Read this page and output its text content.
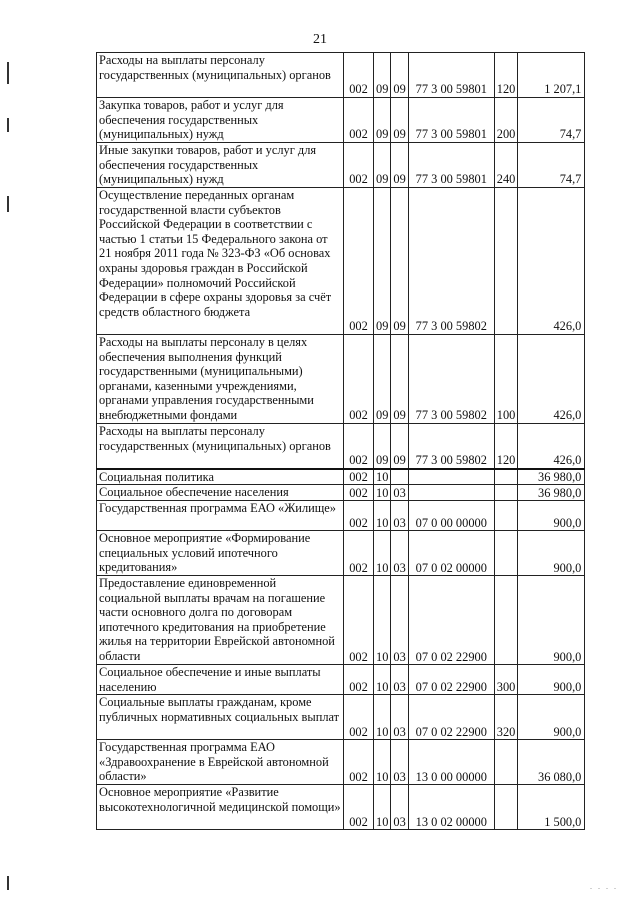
21
. . . .
Расходы на выплаты персоналу государственных (муниципальных) органов	002	09	09	77 3 00 59801	120	1 207,1
Закупка товаров, работ и услуг для обеспечения государственных (муниципальных) нужд	002	09	09	77 3 00 59801	200	74,7
Иные закупки товаров, работ и услуг для обеспечения государственных (муниципальных) нужд	002	09	09	77 3 00 59801	240	74,7
Осуществление переданных органам государственной власти субъектов Российской Федерации в соответствии с частью 1 статьи 15 Федерального закона от 21 ноября 2011 года № 323-ФЗ «Об основах охраны здоровья граждан в Российской Федерации» полномочий Российской Федерации в сфере охраны здоровья за счёт средств областного бюджета	002	09	09	77 3 00 59802		426,0
Расходы на выплаты персоналу в целях обеспечения выполнения функций государственными (муниципальными) органами, казенными учреждениями, органами управления государственными внебюджетными фондами	002	09	09	77 3 00 59802	100	426,0
Расходы на выплаты персоналу государственных (муниципальных) органов	002	09	09	77 3 00 59802	120	426,0
Социальная политика	002	10				36 980,0
Социальное обеспечение населения	002	10	03			36 980,0
Государственная программа ЕАО «Жилище»	002	10	03	07 0 00 00000		900,0
Основное мероприятие «Формирование специальных условий ипотечного кредитования»	002	10	03	07 0 02 00000		900,0
Предоставление единовременной социальной выплаты врачам на погашение части основного долга по договорам ипотечного кредитования на приобретение жилья на территории Еврейской автономной области	002	10	03	07 0 02 22900		900,0
Социальное обеспечение и иные выплаты населению	002	10	03	07 0 02 22900	300	900,0
Социальные выплаты гражданам, кроме публичных нормативных социальных выплат	002	10	03	07 0 02 22900	320	900,0
Государственная программа ЕАО «Здравоохранение в Еврейской автономной области»	002	10	03	13 0 00 00000		36 080,0
Основное мероприятие «Развитие высокотехнологичной медицинской помощи»	002	10	03	13 0 02 00000		1 500,0
